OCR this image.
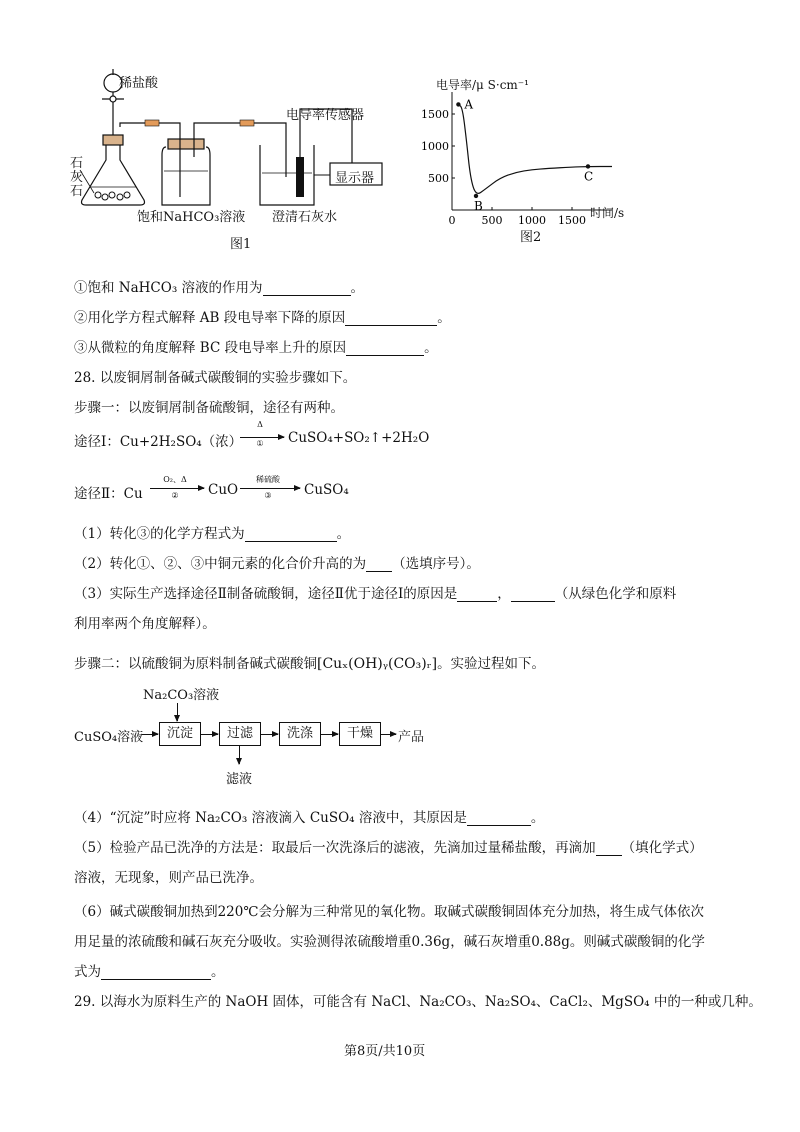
稀盐酸
电导率传感器
石
灰
石
显示器
饱和NaHCO₃溶液 澄清石灰水
图1
电导率/μ S·cm⁻¹
0 500 1000 1500
500
1000
1500
A
B
C
时间/s
图2
①饱和 NaHCO₃ 溶液的作用为	。
②用化学方程式解释 AB 段电导率下降的原因	。
③从微粒的角度解释 BC 段电导率上升的原因	。
28. 以废铜屑制备碱式碳酸铜的实验步骤如下。
步骤一：以废铜屑制备硫酸铜，途径有两种。
途径Ⅰ：Cu+2H₂SO₄（浓）
Δ
①	CuSO₄+SO₂↑+2H₂O
途径Ⅱ：Cu
O₂、Δ
②	CuO
稀硫酸
③	CuSO₄
（1）转化③的化学方程式为	。
（2）转化①、②、③中铜元素的化合价升高的为 （选填序号）。
（3）实际生产选择途径Ⅱ制备硫酸铜，途径Ⅱ优于途径Ⅰ的原因是	，	（从绿色化学和原料
利用率两个角度解释）。
步骤二：以硫酸铜为原料制备碱式碳酸铜[Cuₓ(OH)ᵧ(CO₃)ᵣ]。实验过程如下。
Na₂CO₃溶液
CuSO₄溶液	沉淀	过滤	洗涤	干燥	产品
滤液
（4）“沉淀”时应将 Na₂CO₃ 溶液滴入 CuSO₄ 溶液中，其原因是	。
（5）检验产品已洗净的方法是：取最后一次洗涤后的滤液，先滴加过量稀盐酸，再滴加 （填化学式）
溶液，无现象，则产品已洗净。
（6）碱式碳酸铜加热到220℃会分解为三种常见的氧化物。取碱式碳酸铜固体充分加热，将生成气体依次
用足量的浓硫酸和碱石灰充分吸收。实验测得浓硫酸增重0.36g，碱石灰增重0.88g。则碱式碳酸铜的化学
式为	。
29. 以海水为原料生产的 NaOH 固体，可能含有 NaCl、Na₂CO₃、Na₂SO₄、CaCl₂、MgSO₄ 中的一种或几种。
第8页/共10页
